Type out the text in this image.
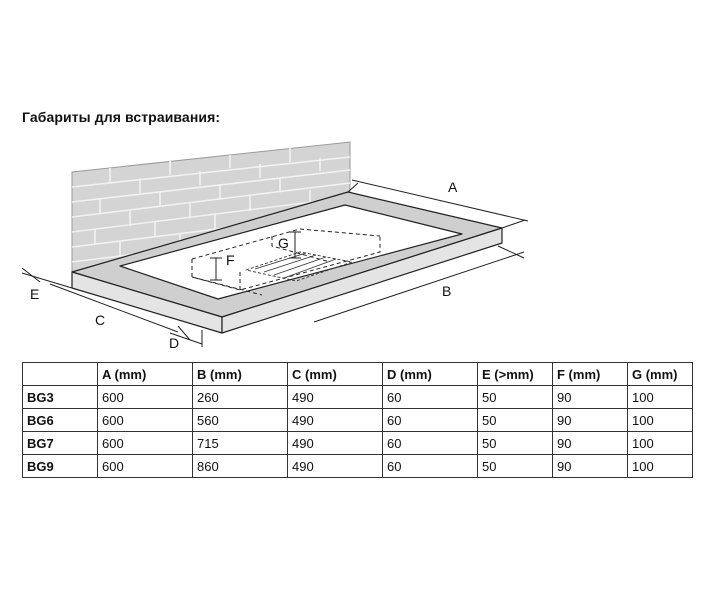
Габариты для встраивания:
A
B
C
D
E
F
G
	A (mm)	B (mm)	C (mm)	D (mm)	E (>mm)	F (mm)	G (mm)
BG3	600	260	490	60	50	90	100
BG6	600	560	490	60	50	90	100
BG7	600	715	490	60	50	90	100
BG9	600	860	490	60	50	90	100
